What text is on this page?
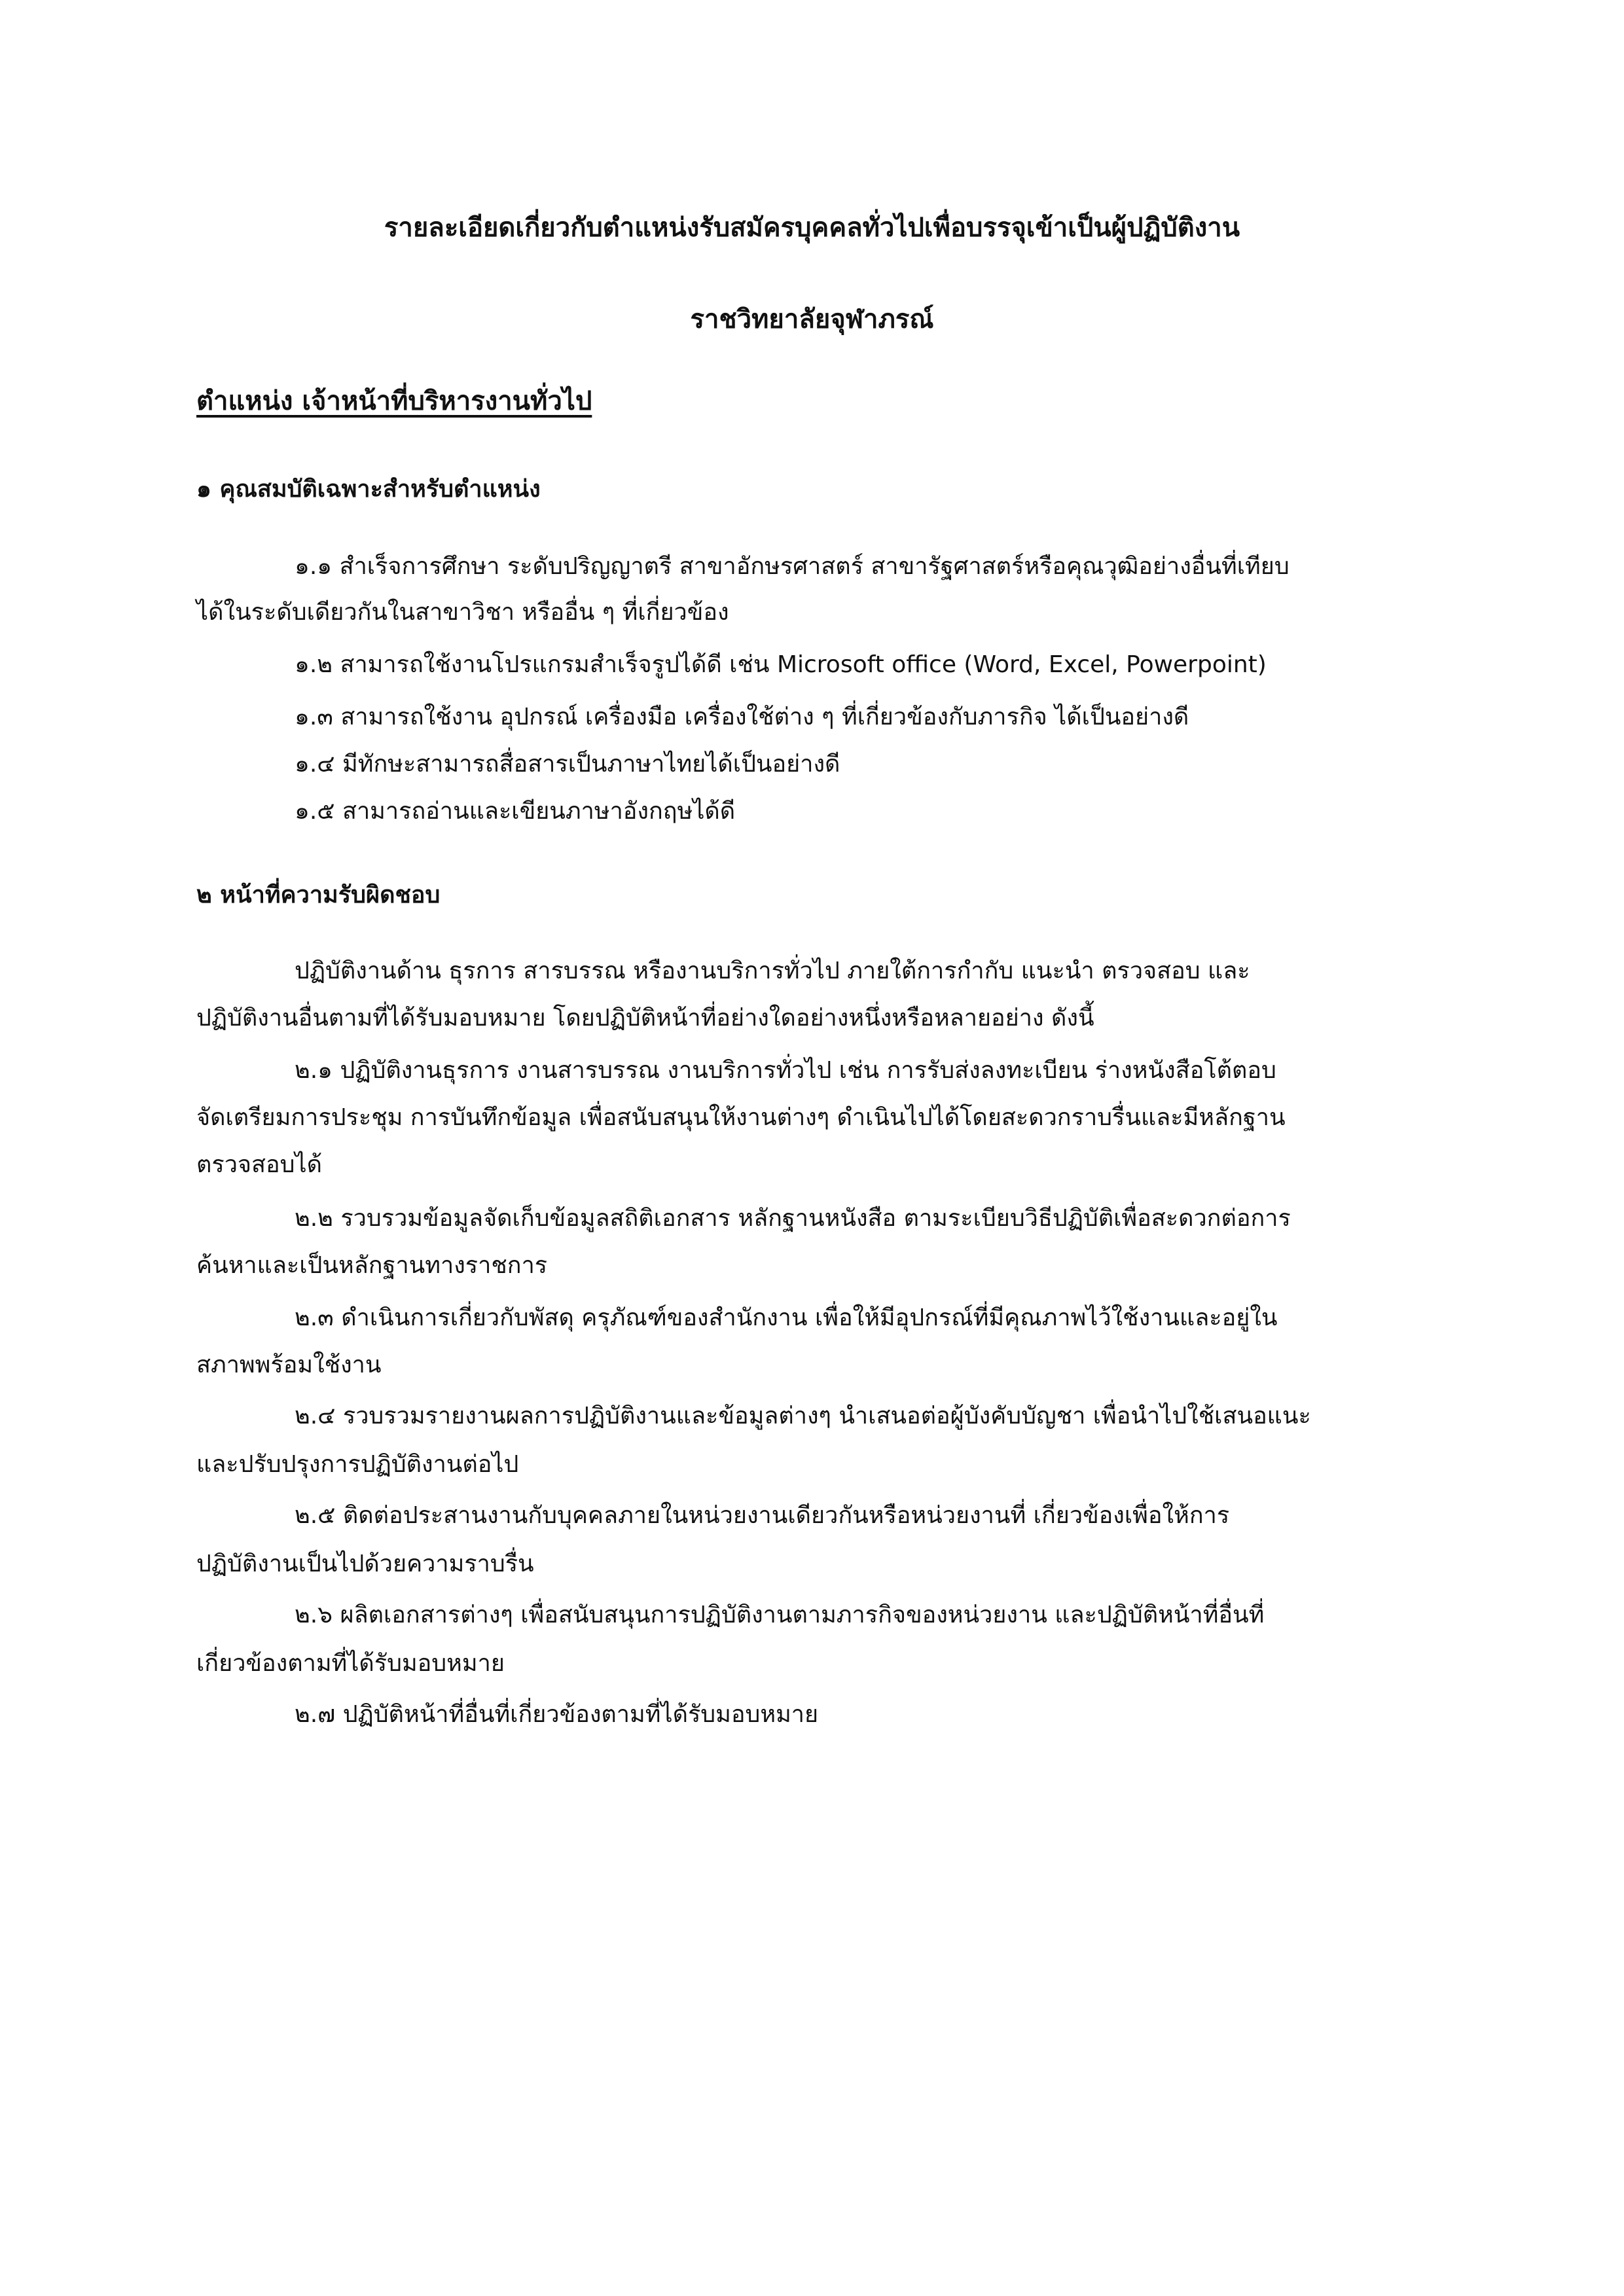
รายละเอียดเกี่ยวกับตำแหน่งรับสมัครบุคคลทั่วไปเพื่อบรรจุเข้าเป็นผู้ปฏิบัติงาน
ราชวิทยาลัยจุฬาภรณ์
ตำแหน่ง เจ้าหน้าที่บริหารงานทั่วไป
๑ คุณสมบัติเฉพาะสำหรับตำแหน่ง
๑.๑ สำเร็จการศึกษา ระดับปริญญาตรี สาขาอักษรศาสตร์ สาขารัฐศาสตร์หรือคุณวุฒิอย่างอื่นที่เทียบ
ได้ในระดับเดียวกันในสาขาวิชา หรืออื่น ๆ ที่เกี่ยวข้อง
๑.๒ สามารถใช้งานโปรแกรมสำเร็จรูปได้ดี เช่น Microsoft office (Word, Excel, Powerpoint)
๑.๓ สามารถใช้งาน อุปกรณ์ เครื่องมือ เครื่องใช้ต่าง ๆ ที่เกี่ยวข้องกับภารกิจ ได้เป็นอย่างดี
๑.๔ มีทักษะสามารถสื่อสารเป็นภาษาไทยได้เป็นอย่างดี
๑.๕ สามารถอ่านและเขียนภาษาอังกฤษได้ดี
๒ หน้าที่ความรับผิดชอบ
ปฏิบัติงานด้าน ธุรการ สารบรรณ หรืองานบริการทั่วไป ภายใต้การกำกับ แนะนำ ตรวจสอบ และ
ปฏิบัติงานอื่นตามที่ได้รับมอบหมาย โดยปฏิบัติหน้าที่อย่างใดอย่างหนึ่งหรือหลายอย่าง ดังนี้
๒.๑ ปฏิบัติงานธุรการ งานสารบรรณ งานบริการทั่วไป เช่น การรับส่งลงทะเบียน ร่างหนังสือโต้ตอบ
จัดเตรียมการประชุม การบันทึกข้อมูล เพื่อสนับสนุนให้งานต่างๆ ดำเนินไปได้โดยสะดวกราบรื่นและมีหลักฐาน
ตรวจสอบได้
๒.๒ รวบรวมข้อมูลจัดเก็บข้อมูลสถิติเอกสาร หลักฐานหนังสือ ตามระเบียบวิธีปฏิบัติเพื่อสะดวกต่อการ
ค้นหาและเป็นหลักฐานทางราชการ
๒.๓ ดำเนินการเกี่ยวกับพัสดุ ครุภัณฑ์ของสำนักงาน เพื่อให้มีอุปกรณ์ที่มีคุณภาพไว้ใช้งานและอยู่ใน
สภาพพร้อมใช้งาน
๒.๔ รวบรวมรายงานผลการปฏิบัติงานและข้อมูลต่างๆ นำเสนอต่อผู้บังคับบัญชา เพื่อนำไปใช้เสนอแนะ
และปรับปรุงการปฏิบัติงานต่อไป
๒.๕ ติดต่อประสานงานกับบุคคลภายในหน่วยงานเดียวกันหรือหน่วยงานที่ เกี่ยวข้องเพื่อให้การ
ปฏิบัติงานเป็นไปด้วยความราบรื่น
๒.๖ ผลิตเอกสารต่างๆ เพื่อสนับสนุนการปฏิบัติงานตามภารกิจของหน่วยงาน และปฏิบัติหน้าที่อื่นที่
เกี่ยวข้องตามที่ได้รับมอบหมาย
๒.๗ ปฏิบัติหน้าที่อื่นที่เกี่ยวข้องตามที่ได้รับมอบหมาย
